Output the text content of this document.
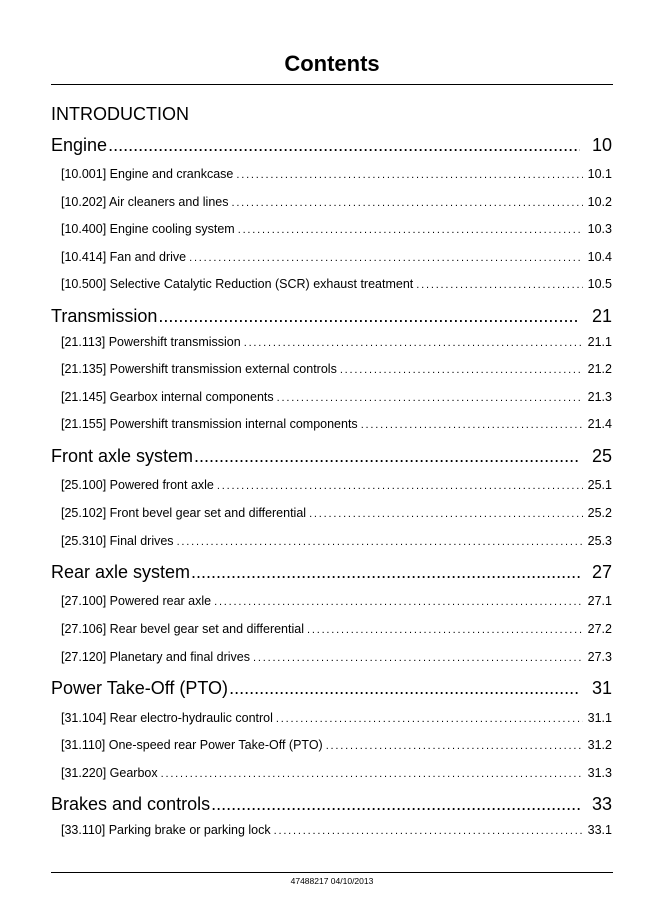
Contents
INTRODUCTION
Engine .....	10
[10.001] Engine and crankcase .....	10.1
[10.202] Air cleaners and lines .....	10.2
[10.400] Engine cooling system .....	10.3
[10.414] Fan and drive .....	10.4
[10.500] Selective Catalytic Reduction (SCR) exhaust treatment .....	10.5
Transmission .....	21
[21.113] Powershift transmission .....	21.1
[21.135] Powershift transmission external controls .....	21.2
[21.145] Gearbox internal components .....	21.3
[21.155] Powershift transmission internal components .....	21.4
Front axle system .....	25
[25.100] Powered front axle .....	25.1
[25.102] Front bevel gear set and differential .....	25.2
[25.310] Final drives .....	25.3
Rear axle system .....	27
[27.100] Powered rear axle .....	27.1
[27.106] Rear bevel gear set and differential .....	27.2
[27.120] Planetary and final drives .....	27.3
Power Take-Off (PTO) .....	31
[31.104] Rear electro-hydraulic control .....	31.1
[31.110] One-speed rear Power Take-Off (PTO) .....	31.2
[31.220] Gearbox .....	31.3
Brakes and controls .....	33
[33.110] Parking brake or parking lock .....	33.1
47488217 04/10/2013
